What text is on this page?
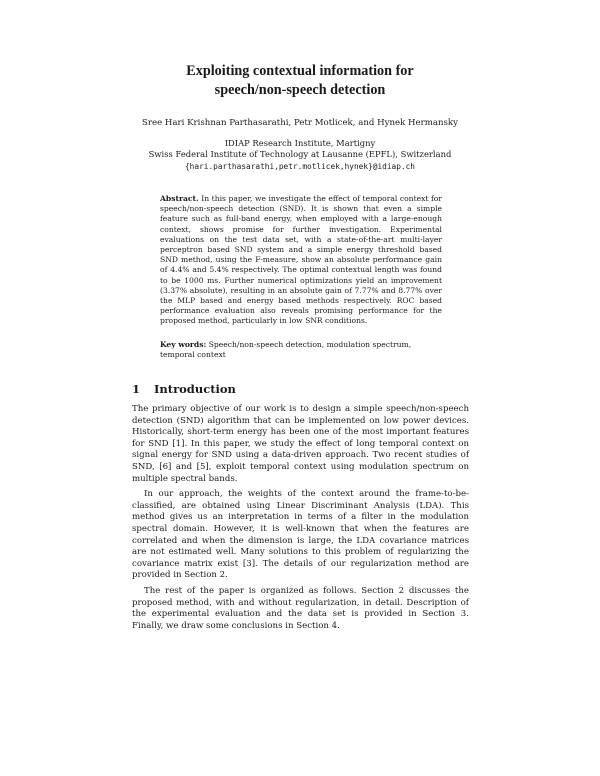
Exploiting contextual information for
speech/non-speech detection
Sree Hari Krishnan Parthasarathi, Petr Motlicek, and Hynek Hermansky
IDIAP Research Institute, Martigny
Swiss Federal Institute of Technology at Lausanne (EPFL), Switzerland
{hari.parthasarathi,petr.motlicek,hynek}@idiap.ch
Abstract. In this paper, we investigate the effect of temporal context for speech/non-speech detection (SND). It is shown that even a simple feature such as full-band energy, when employed with a large-enough context, shows promise for further investigation. Experimental evaluations on the test data set, with a state-of-the-art multi-layer perceptron based SND system and a simple energy threshold based SND method, using the F-measure, show an absolute performance gain of 4.4% and 5.4% respectively. The optimal contextual length was found to be 1000 ms. Further numerical optimizations yield an improvement (3.37% absolute), resulting in an absolute gain of 7.77% and 8.77% over the MLP based and energy based methods respectively. ROC based performance evaluation also reveals promising performance for the proposed method, particularly in low SNR conditions.
Key words: Speech/non-speech detection, modulation spectrum, temporal context
1 Introduction

The primary objective of our work is to design a simple speech/non-speech detection (SND) algorithm that can be implemented on low power devices. Historically, short-term energy has been one of the most important features for SND [1]. In this paper, we study the effect of long temporal context on signal energy for SND using a data-driven approach. Two recent studies of SND, [6] and [5], exploit temporal context using modulation spectrum on multiple spectral bands.

In our approach, the weights of the context around the frame-to-be-classified, are obtained using Linear Discriminant Analysis (LDA). This method gives us an interpretation in terms of a filter in the modulation spectral domain. However, it is well-known that when the features are correlated and when the dimension is large, the LDA covariance matrices are not estimated well. Many solutions to this problem of regularizing the covariance matrix exist [3]. The details of our regularization method are provided in Section 2.

The rest of the paper is organized as follows. Section 2 discusses the proposed method, with and without regularization, in detail. Description of the experimental evaluation and the data set is provided in Section 3. Finally, we draw some conclusions in Section 4.
